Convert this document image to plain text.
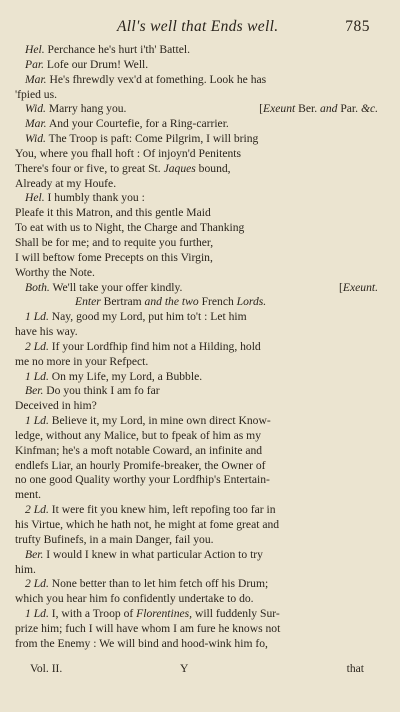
All's well that Ends well.	785
Hel. Perchance he's hurt i'th' Battel.
Par. Lofe our Drum! Well.
Mar. He's fhrewdly vex'd at fomething. Look he has
'fpied us.
[Exeunt Ber. and Par. &c.
Wid. Marry hang you.
Mar. And your Courtefie, for a Ring-carrier.
Wid. The Troop is paft: Come Pilgrim, I will bring
You, where you fhall hoft : Of injoyn'd Penitents
There's four or five, to great St. Jaques bound,
Already at my Houfe.
Hel. I humbly thank you :
Pleafe it this Matron, and this gentle Maid
To eat with us to Night, the Charge and Thanking
Shall be for me; and to requite you further,
I will beftow fome Precepts on this Virgin,
Worthy the Note.
[Exeunt.
Both. We'll take your offer kindly.
Enter Bertram and the two French Lords.
1 Ld. Nay, good my Lord, put him to't : Let him
have his way.
2 Ld. If your Lordfhip find him not a Hilding, hold
me no more in your Refpect.
1 Ld. On my Life, my Lord, a Bubble.
Ber. Do you think I am fo far
Deceived in him?
1 Ld. Believe it, my Lord, in mine own direct Know-
ledge, without any Malice, but to fpeak of him as my
Kinfman; he's a moft notable Coward, an infinite and
endlefs Liar, an hourly Promife-breaker, the Owner of
no one good Quality worthy your Lordfhip's Entertain-
ment.
2 Ld. It were fit you knew him, left repofing too far in
his Virtue, which he hath not, he might at fome great and
trufty Bufinefs, in a main Danger, fail you.
Ber. I would I knew in what particular Action to try
him.
2 Ld. None better than to let him fetch off his Drum;
which you hear him fo confidently undertake to do.
1 Ld. I, with a Troop of Florentines, will fuddenly Sur-
prize him; fuch I will have whom I am fure he knows not
from the Enemy : We will bind and hood-wink him fo,
Vol. II.	Y	that
